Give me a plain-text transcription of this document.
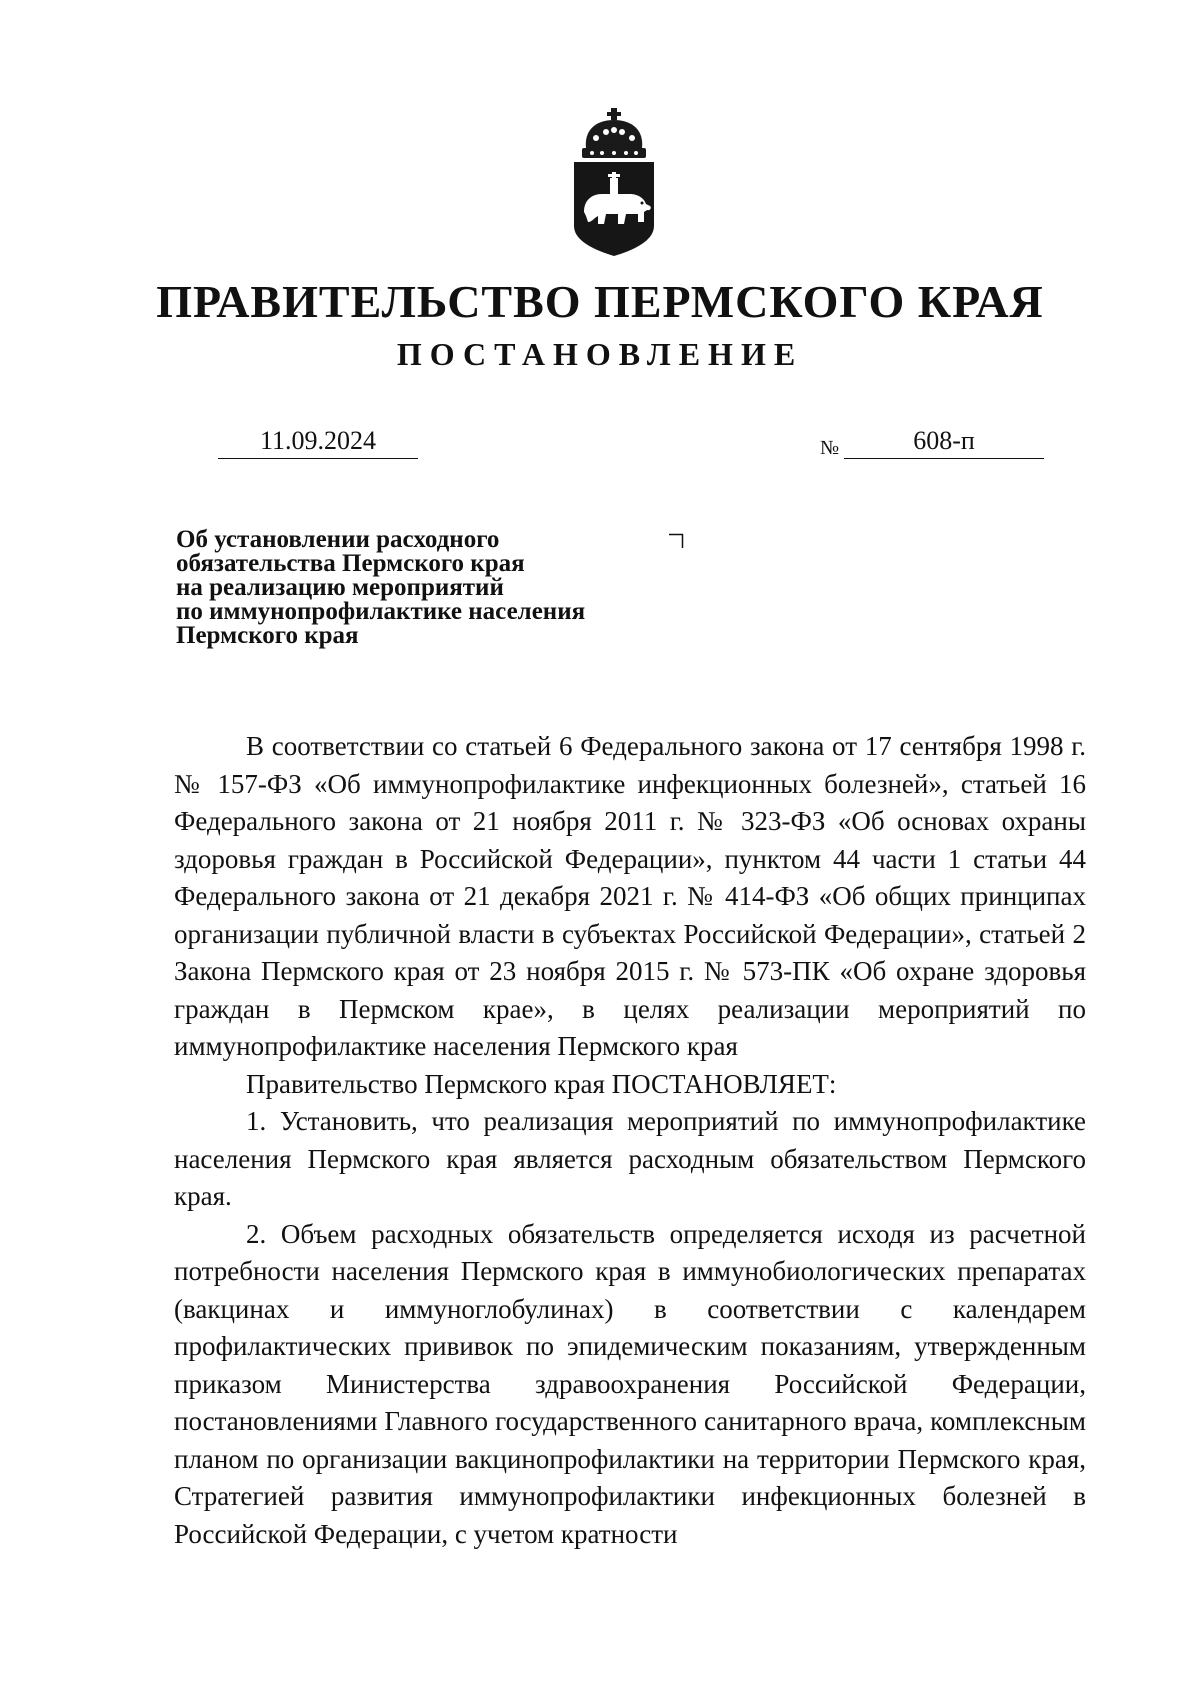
ПРАВИТЕЛЬСТВО ПЕРМСКОГО КРАЯ
ПОСТАНОВЛЕНИЕ
11.09.2024	№	608-п
Об установлении расходного
обязательства Пермского края
на реализацию мероприятий
по иммунопрофилактике населения
Пермского края

В соответствии со статьей 6 Федерального закона от 17 сентября 1998 г. № 157-ФЗ «Об иммунопрофилактике инфекционных болезней», статьей 16 Федерального закона от 21 ноября 2011 г. № 323-ФЗ «Об основах охраны здоровья граждан в Российской Федерации», пунктом 44 части 1 статьи 44 Федерального закона от 21 декабря 2021 г. № 414-ФЗ «Об общих принципах организации публичной власти в субъектах Российской Федерации», статьей 2 Закона Пермского края от 23 ноября 2015 г. № 573-ПК «Об охране здоровья граждан в Пермском крае», в целях реализации мероприятий по иммунопрофилактике населения Пермского края

Правительство Пермского края ПОСТАНОВЛЯЕТ:

1. Установить, что реализация мероприятий по иммунопрофилактике населения Пермского края является расходным обязательством Пермского края.

2. Объем расходных обязательств определяется исходя из расчетной потребности населения Пермского края в иммунобиологических препаратах (вакцинах и иммуноглобулинах) в соответствии с календарем профилактических прививок по эпидемическим показаниям, утвержденным приказом Министерства здравоохранения Российской Федерации, постановлениями Главного государственного санитарного врача, комплексным планом по организации вакцинопрофилактики на территории Пермского края, Стратегией развития иммунопрофилактики инфекционных болезней в Российской Федерации, с учетом кратности
